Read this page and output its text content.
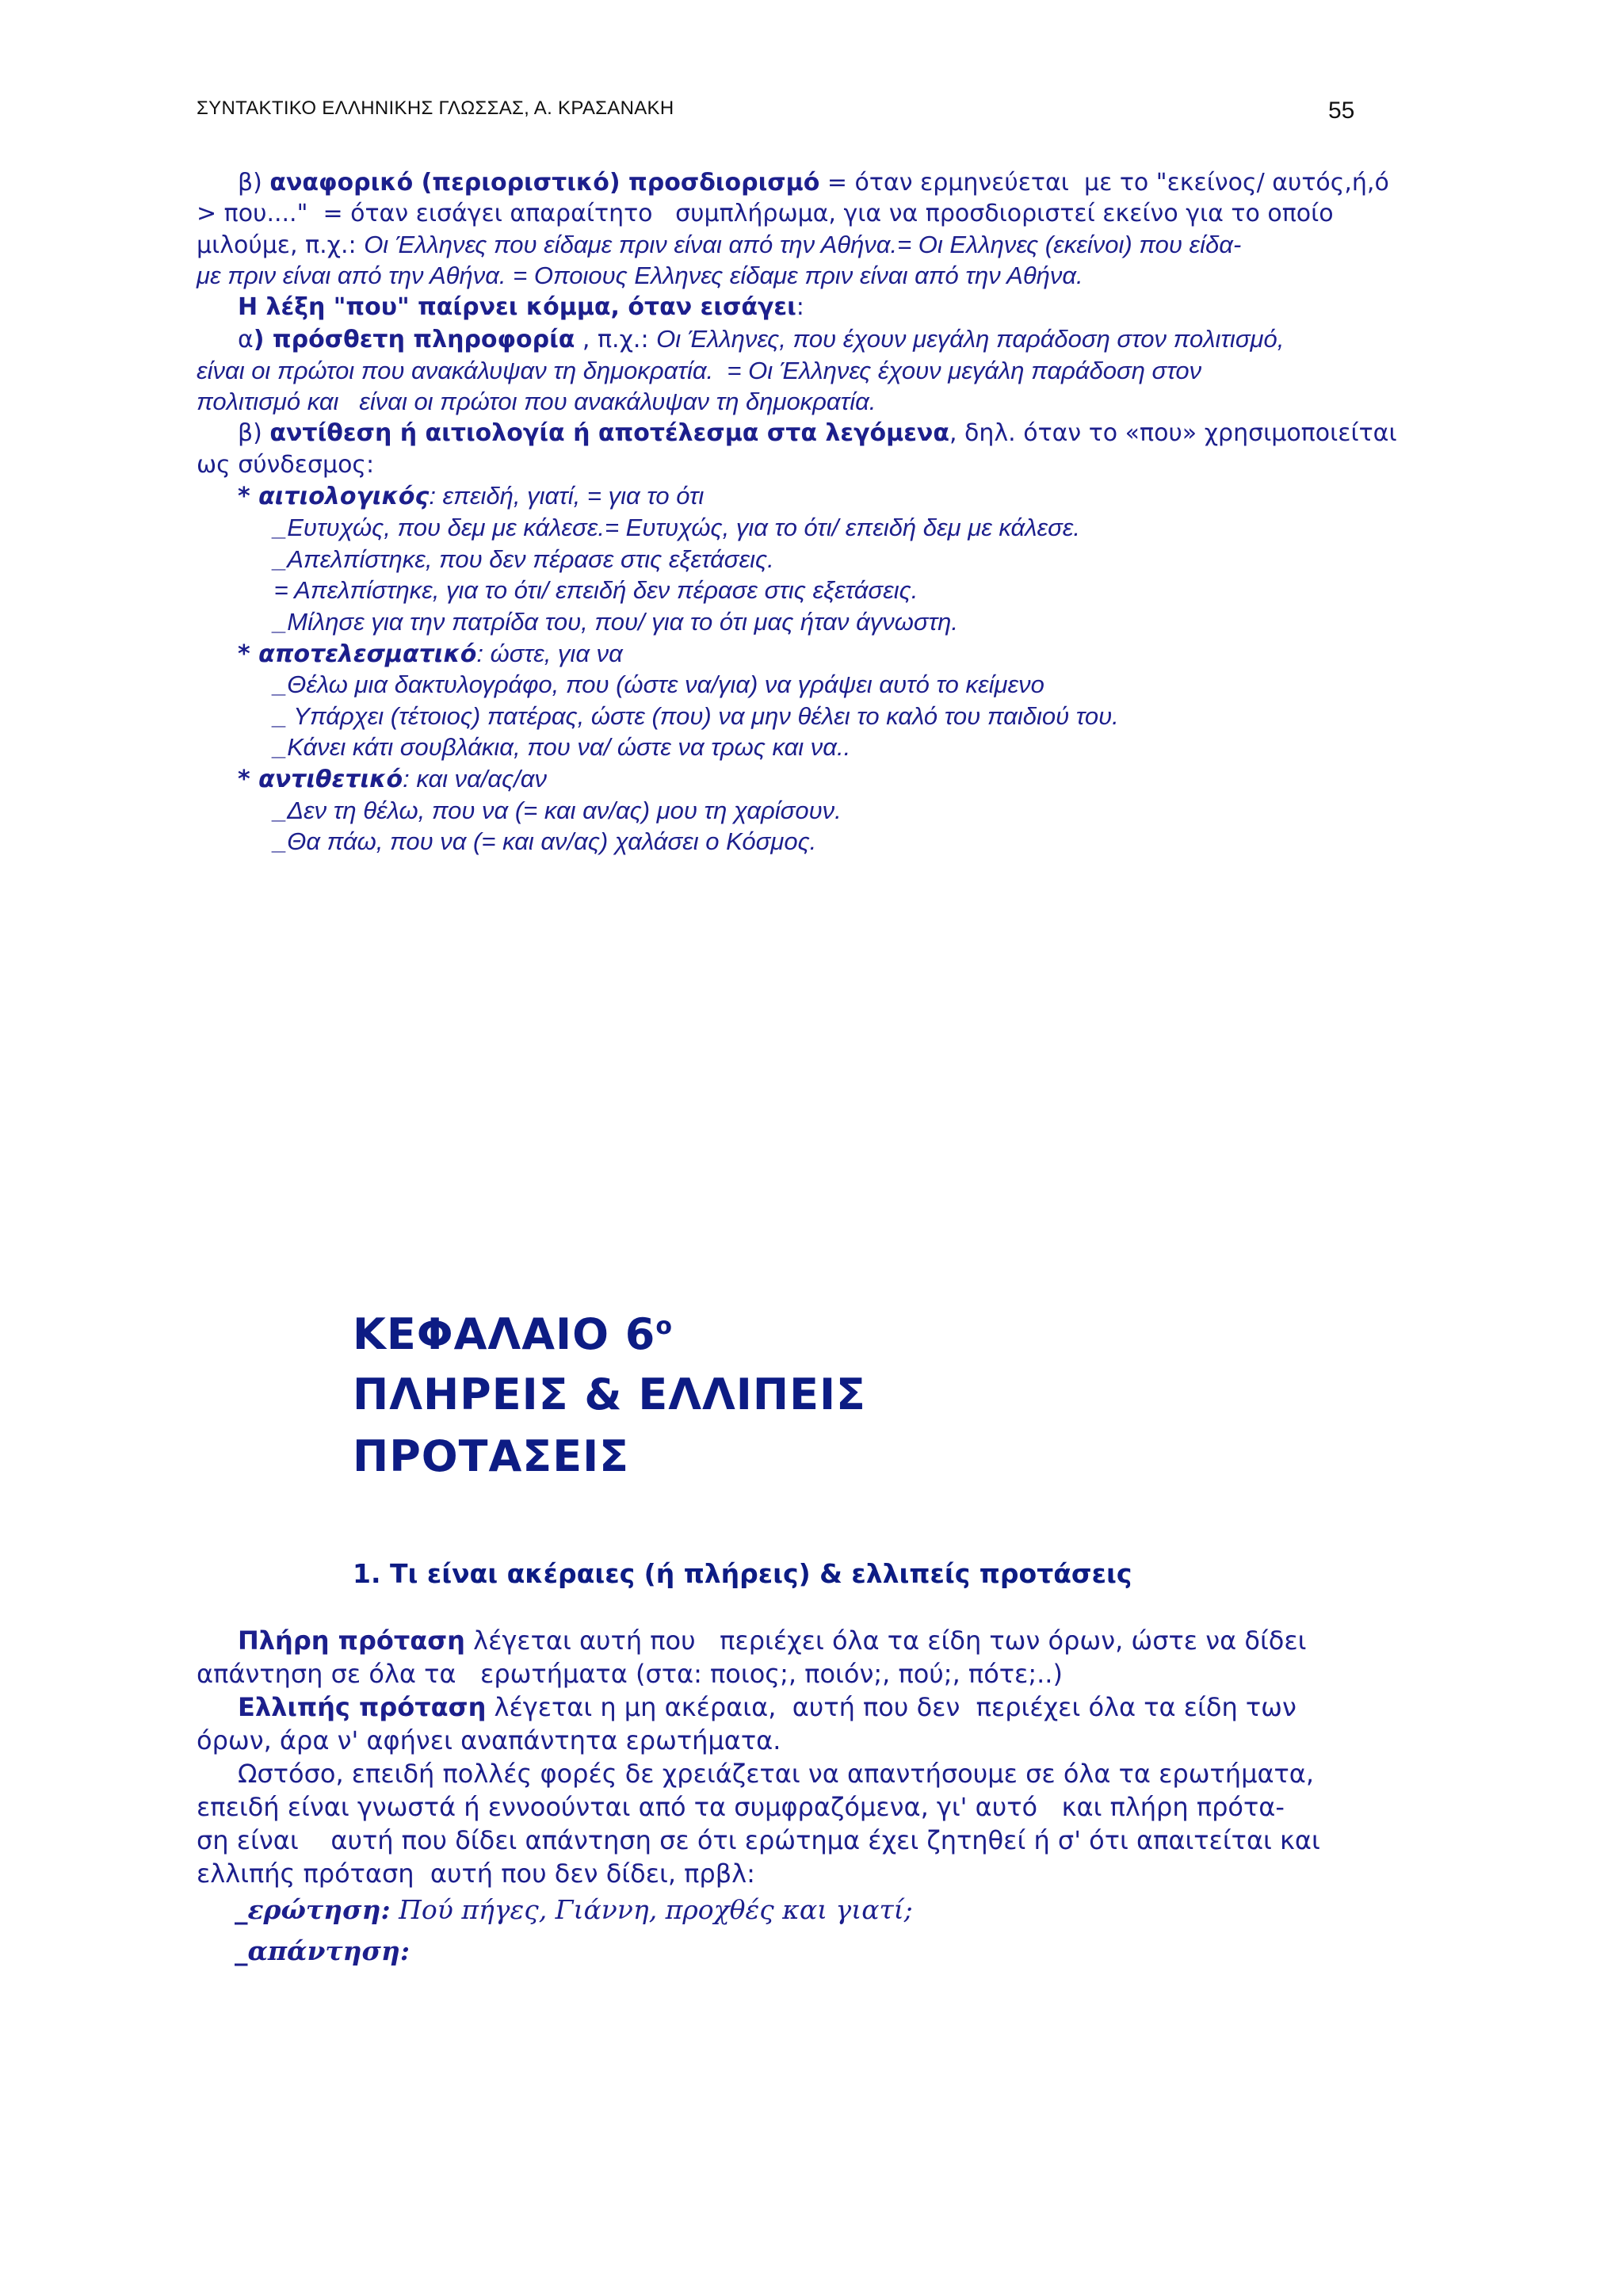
ΣΥΝΤΑΚΤΙΚΟ ΕΛΛΗΝΙΚΗΣ ΓΛΩΣΣΑΣ, Α. ΚΡΑΣΑΝΑΚΗ	55
β) αναφορικό (περιοριστικό) προσδιορισμό = όταν ερμηνεύεται  με το "εκείνος/ αυτός,ή,ό
> που...."  = όταν εισάγει απαραίτητο   συμπλήρωμα, για να προσδιοριστεί εκείνο για το οποίο
μιλούμε, π.χ.: Οι Έλληνες που είδαμε πριν είναι από την Αθήνα.= Οι Ελληνες (εκείνοι) που είδα-
με πριν είναι από την Αθήνα. = Οποιους Ελληνες είδαμε πριν είναι από την Αθήνα.
Η λέξη "που" παίρνει κόμμα, όταν εισάγει:
α) πρόσθετη πληροφορία , π.χ.: Οι Έλληνες, που έχουν μεγάλη παράδοση στον πολιτισμό,
είναι οι πρώτοι που ανακάλυψαν τη δημοκρατία.  = Οι Έλληνες έχουν μεγάλη παράδοση στον
πολιτισμό και   είναι οι πρώτοι που ανακάλυψαν τη δημοκρατία.
β) αντίθεση ή αιτιολογία ή αποτέλεσμα στα λεγόμενα, δηλ. όταν το «που» χρησιμοποιείται
ως σύνδεσμος:
* αιτιολογικός: επειδή, γιατί, = για το ότι
_Ευτυχώς, που δεμ με κάλεσε.= Ευτυχώς, για το ότι/ επειδή δεμ με κάλεσε.
_Απελπίστηκε, που δεν πέρασε στις εξετάσεις.
= Απελπίστηκε, για το ότι/ επειδή δεν πέρασε στις εξετάσεις.
_Μίλησε για την πατρίδα του, που/ για το ότι μας ήταν άγνωστη.
* αποτελεσματικό: ώστε, για να
_Θέλω μια δακτυλογράφο, που (ώστε να/για) να γράψει αυτό το κείμενο
_ Υπάρχει (τέτοιος) πατέρας, ώστε (που) να μην θέλει το καλό του παιδιού του.
_Κάνει κάτι σουβλάκια, που να/ ώστε να τρως και να..
* αντιθετικό: και να/ας/αν
_Δεν τη θέλω, που να (= και αν/ας) μου τη χαρίσουν.
_Θα πάω, που να (= και αν/ας) χαλάσει ο Κόσμος.
ΚΕΦΑΛΑΙΟ $6^o$
ΠΛΗΡΕΙΣ & ΕΛΛΙΠΕΙΣ
ΠΡΟΤΑΣΕΙΣ
1. Τι είναι ακέραιες (ή πλήρεις) & ελλιπείς προτάσεις
Πλήρη πρόταση λέγεται αυτή που   περιέχει όλα τα είδη των όρων, ώστε να δίδει
απάντηση σε όλα τα   ερωτήματα (στα: ποιος;, ποιόν;, πού;, πότε;..)
Ελλιπής πρόταση λέγεται η μη ακέραια,  αυτή που δεν  περιέχει όλα τα είδη των
όρων, άρα ν' αφήνει αναπάντητα ερωτήματα.
Ωστόσο, επειδή πολλές φορές δε χρειάζεται να απαντήσουμε σε όλα τα ερωτήματα,
επειδή είναι γνωστά ή εννοούνται από τα συμφραζόμενα, γι' αυτό   και πλήρη πρότα-
ση είναι    αυτή που δίδει απάντηση σε ότι ερώτημα έχει ζητηθεί ή σ' ότι απαιτείται και
ελλιπής πρόταση  αυτή που δεν δίδει, πρβλ:
_ερώτηση: Πού πήγες, Γιάννη, προχθές και γιατί;
_απάντηση:
